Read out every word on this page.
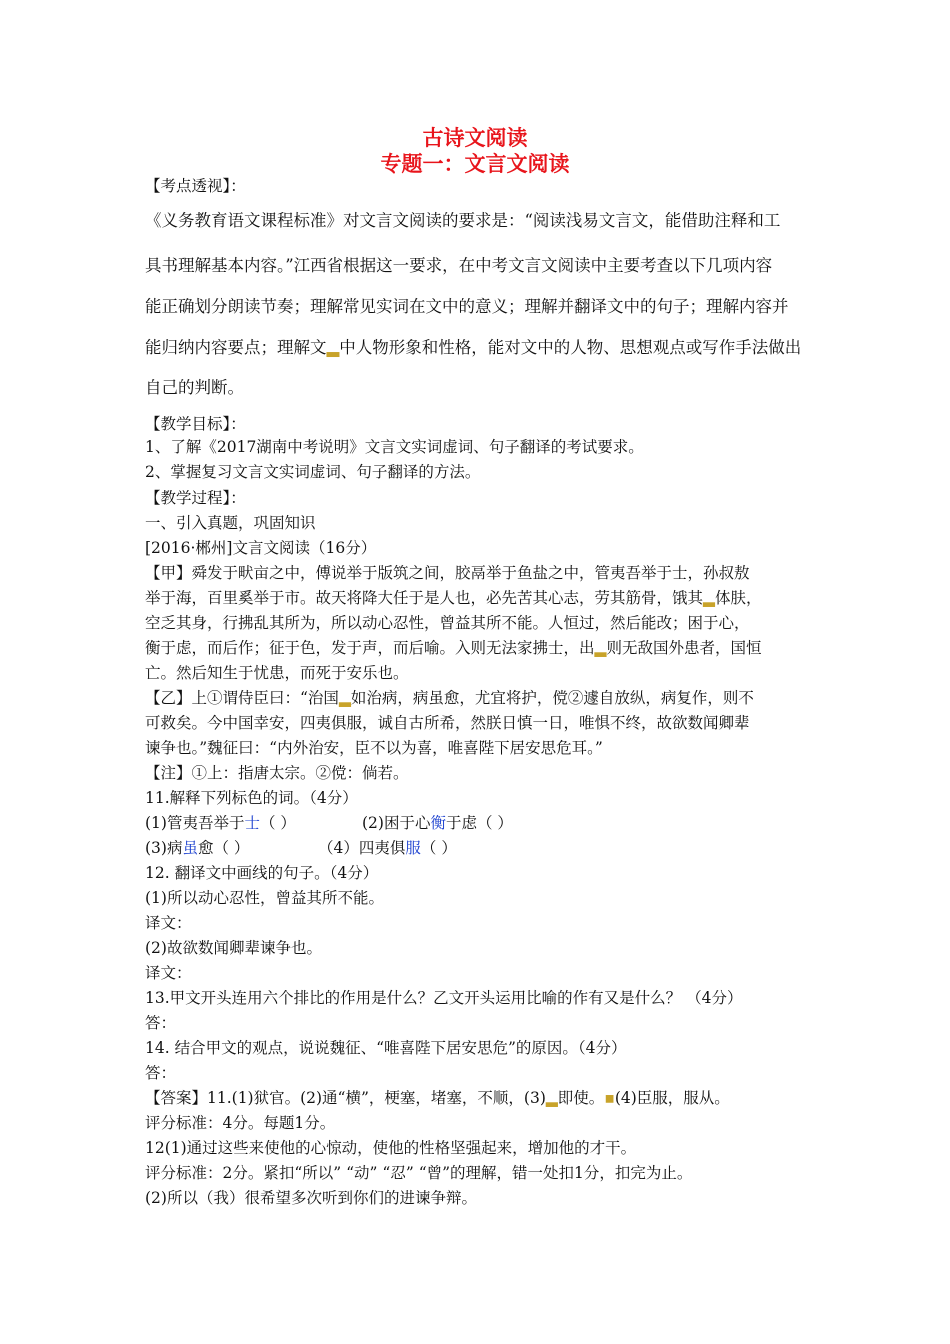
古诗文阅读
专题一：文言文阅读
【考点透视】：
《义务教育语文课程标准》对文言文阅读的要求是：“阅读浅易文言文，能借助注释和工
具书理解基本内容。”江西省根据这一要求，在中考文言文阅读中主要考查以下几项内容
能正确划分朗读节奏；理解常见实词在文中的意义；理解并翻译文中的句子；理解内容并
能归纳内容要点；理解文▂中人物形象和性格，能对文中的人物、思想观点或写作手法做出
自己的判断。
【教学目标】：
1、了解《2017湖南中考说明》文言文实词虚词、句子翻译的考试要求。
2、掌握复习文言文实词虚词、句子翻译的方法。
【教学过程】：
一、引入真题，巩固知识
[2016·郴州]文言文阅读（16分）
【甲】舜发于畎亩之中，傅说举于版筑之间，胶鬲举于鱼盐之中，管夷吾举于士，孙叔敖
举于海，百里奚举于市。故天将降大任于是人也，必先苦其心志，劳其筋骨，饿其▂体肤，
空乏其身，行拂乱其所为，所以动心忍性，曾益其所不能。人恒过，然后能改；困于心，
衡于虑，而后作；征于色，发于声，而后喻。入则无法家拂士，出▂则无敌国外患者，国恒
亡。然后知生于忧患，而死于安乐也。
【乙】上①谓侍臣曰：“治国▂如治病，病虽愈，尤宜将护，傥②遽自放纵，病复作，则不
可救矣。今中国幸安，四夷俱服，诚自古所希，然朕日慎一日，唯惧不终，故欲数闻卿辈
谏争也。”魏征曰：“内外治安，臣不以为喜，唯喜陛下居安思危耳。”
【注】①上：指唐太宗。②傥：倘若。
11.解释下列标色的词。（4分）
(1)管夷吾举于士（ ）	(2)困于心衡于虑（ ）
(3)病虽愈（ ）	（4）四夷俱服（ ）
12. 翻译文中画线的句子。（4分）
(1)所以动心忍性，曾益其所不能。
译文：
(2)故欲数闻卿辈谏争也。
译文：
13.甲文开头连用六个排比的作用是什么？乙文开头运用比喻的作有又是什么？ （4分）
答：
14. 结合甲文的观点，说说魏征、“唯喜陛下居安思危”的原因。（4分）
答：
【答案】11.(1)狱官。(2)通“横”，梗塞，堵塞，不顺，(3)▂即使。▪(4)臣服，服从。
评分标准：4分。每题1分。
12(1)通过这些来使他的心惊动，使他的性格坚强起来，增加他的才干。
评分标准：2分。紧扣“所以” “动” “忍” “曾”的理解，错一处扣1分，扣完为止。
(2)所以（我）很希望多次听到你们的进谏争辩。
